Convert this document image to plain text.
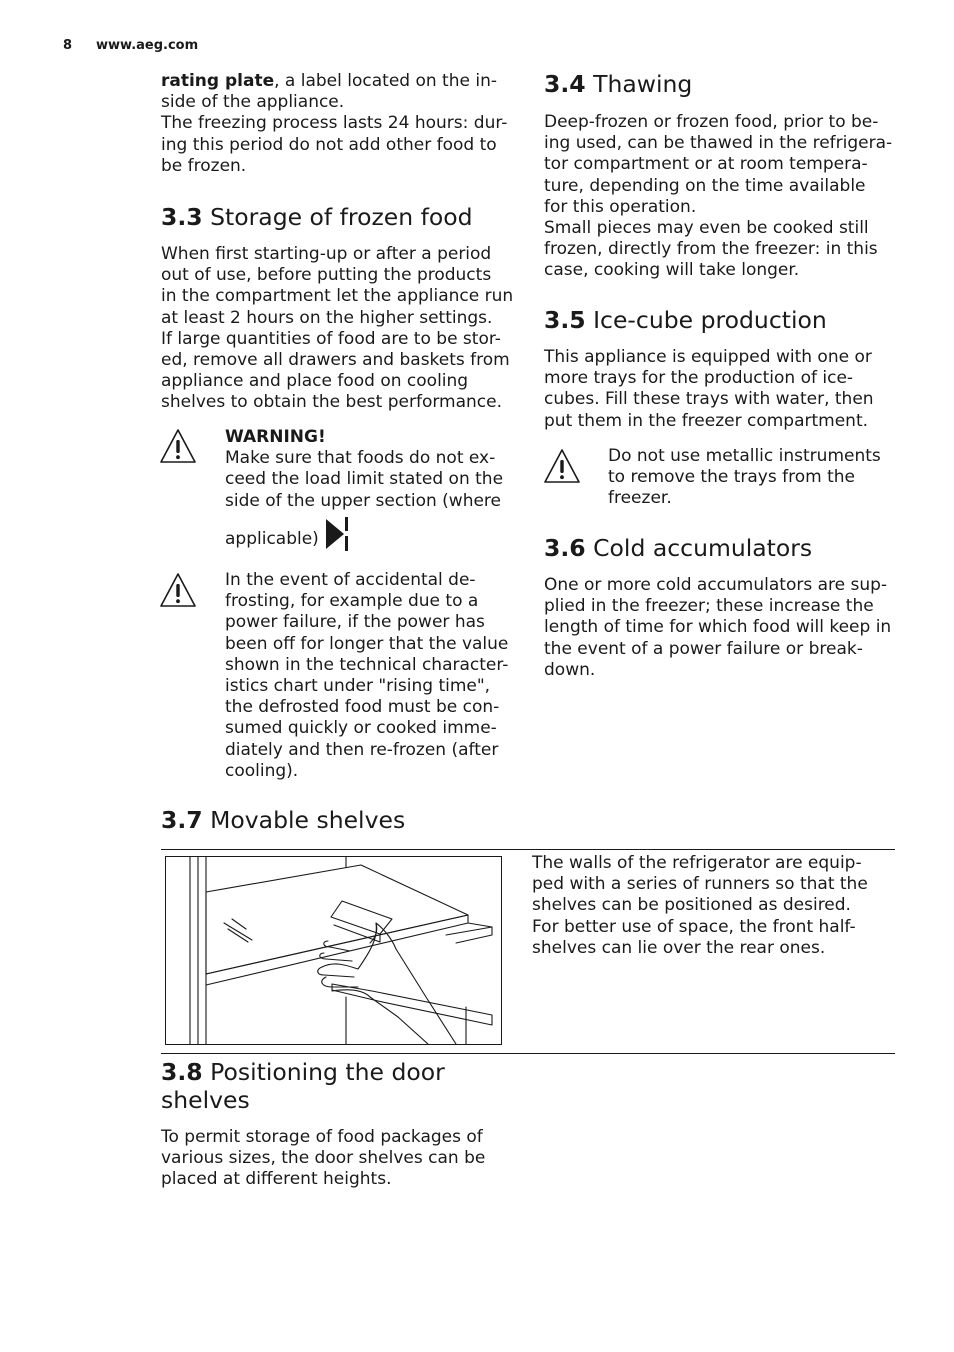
8 www.aeg.com
rating plate, a label located on the in-
side of the appliance.
The freezing process lasts 24 hours: dur-
ing this period do not add other food to
be frozen.
3.3 Storage of frozen food
When first starting-up or after a period
out of use, before putting the products
in the compartment let the appliance run
at least 2 hours on the higher settings.
If large quantities of food are to be stor-
ed, remove all drawers and baskets from
appliance and place food on cooling
shelves to obtain the best performance.
WARNING!
Make sure that foods do not ex-
ceed the load limit stated on the
side of the upper section (where
applicable)
In the event of accidental de-
frosting, for example due to a
power failure, if the power has
been off for longer that the value
shown in the technical character-
istics chart under "rising time",
the defrosted food must be con-
sumed quickly or cooked imme-
diately and then re-frozen (after
cooling).
3.4 Thawing
Deep-frozen or frozen food, prior to be-
ing used, can be thawed in the refrigera-
tor compartment or at room tempera-
ture, depending on the time available
for this operation.
Small pieces may even be cooked still
frozen, directly from the freezer: in this
case, cooking will take longer.
3.5 Ice-cube production
This appliance is equipped with one or
more trays for the production of ice-
cubes. Fill these trays with water, then
put them in the freezer compartment.
Do not use metallic instruments
to remove the trays from the
freezer.
3.6 Cold accumulators
One or more cold accumulators are sup-
plied in the freezer; these increase the
length of time for which food will keep in
the event of a power failure or break-
down.
3.7 Movable shelves
The walls of the refrigerator are equip-
ped with a series of runners so that the
shelves can be positioned as desired.
For better use of space, the front half-
shelves can lie over the rear ones.
3.8 Positioning the door
shelves
To permit storage of food packages of
various sizes, the door shelves can be
placed at different heights.
